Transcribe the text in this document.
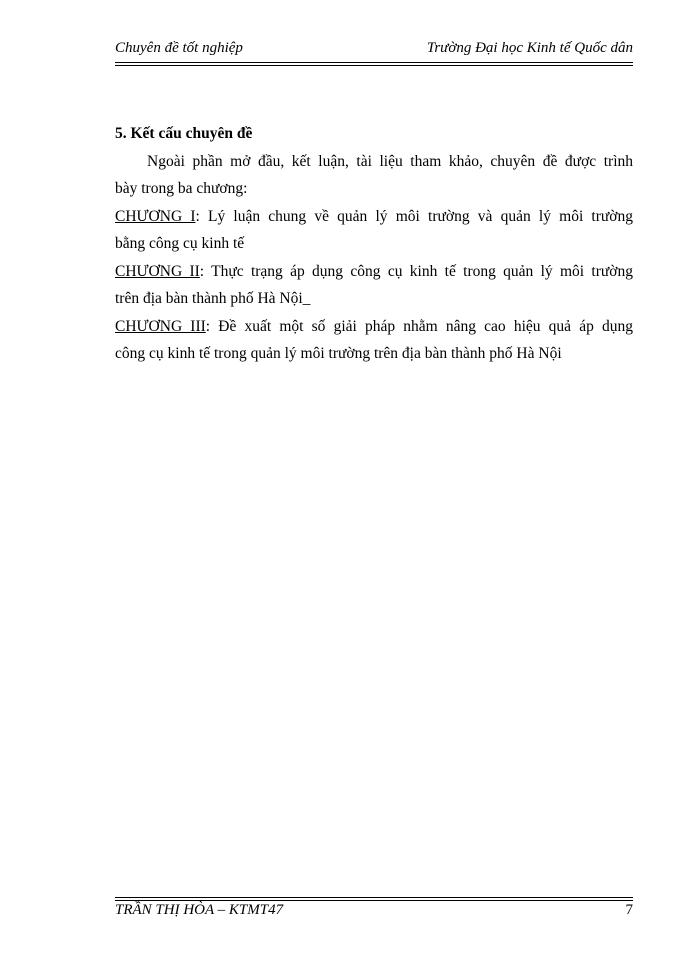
Chuyên đề tốt nghiệp	Trường Đại học Kinh tế Quốc dân
5. Kết cấu chuyên đề
Ngoài phần mở đầu, kết luận, tài liệu tham khảo, chuyên đề được trình
bày trong ba chương:
CHƯƠNG I: Lý luận chung về quản lý môi trường và quản lý môi trường
bằng công cụ kinh tế
CHƯƠNG II: Thực trạng áp dụng công cụ kinh tế trong quản lý môi trường
trên địa bàn thành phố Hà Nội_
CHƯƠNG III: Đề xuất một số giải pháp nhằm nâng cao hiệu quả áp dụng
công cụ kinh tế trong quản lý môi trường trên địa bàn thành phố Hà Nội
TRẦN THỊ HÒA – KTMT47	7
